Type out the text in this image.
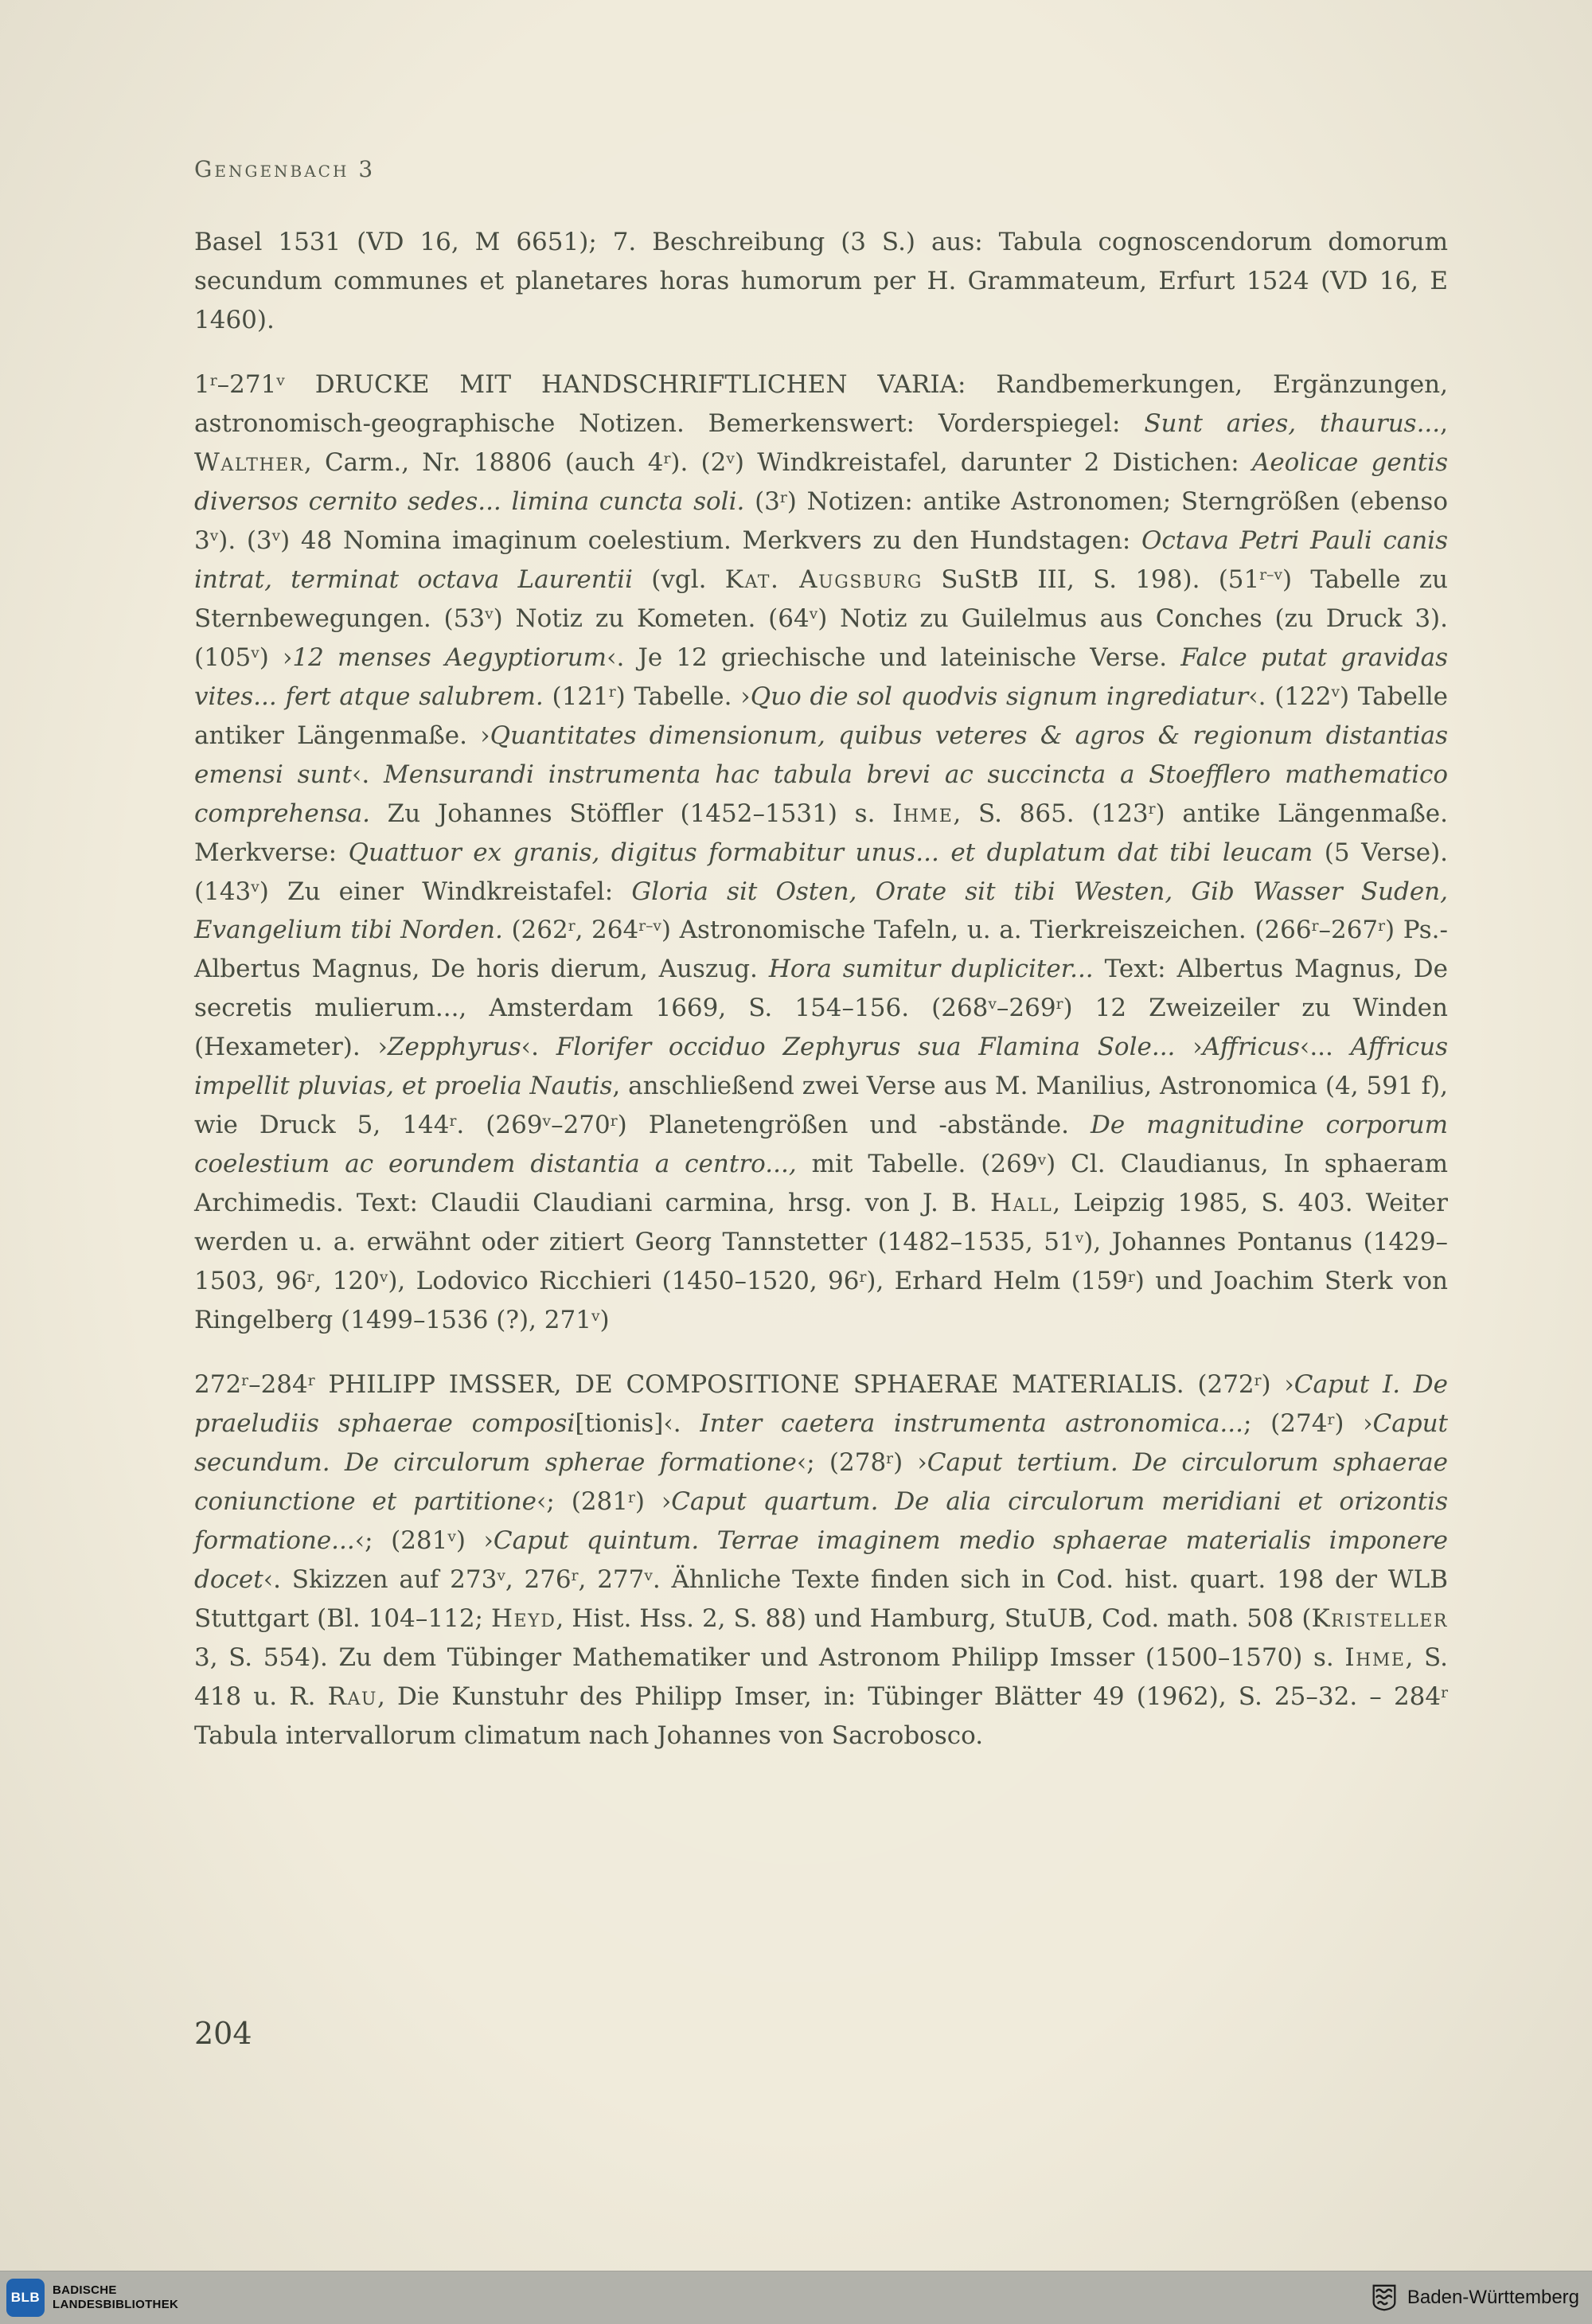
Gengenbach 3

Basel 1531 (VD 16, M 6651); 7. Beschreibung (3 S.) aus: Tabula cognoscendorum domorum secundum communes et planetares horas humorum per H. Grammateum, Erfurt 1524 (VD 16, E 1460).

1$^r$–271$^v$ DRUCKE MIT HANDSCHRIFTLICHEN VARIA: Randbemerkungen, Ergänzungen, astronomisch-geographische Notizen. Bemerkenswert: Vorderspiegel: Sunt aries, thaurus..., Walther, Carm., Nr. 18806 (auch 4$^r$). (2$^v$) Windkreistafel, darunter 2 Distichen: Aeolicae gentis diversos cernito sedes... limina cuncta soli. (3$^r$) Notizen: antike Astronomen; Sterngrößen (ebenso 3$^v$). (3$^v$) 48 Nomina imaginum coelestium. Merkvers zu den Hundstagen: Octava Petri Pauli canis intrat, terminat octava Laurentii (vgl. Kat. Augsburg SuStB III, S. 198). (51$^{r-v}$) Tabelle zu Sternbewegungen. (53$^v$) Notiz zu Kometen. (64$^v$) Notiz zu Guilelmus aus Conches (zu Druck 3). (105$^v$) ›12 menses Aegyptiorum‹. Je 12 griechische und lateinische Verse. Falce putat gravidas vites... fert atque salubrem. (121$^r$) Tabelle. ›Quo die sol quodvis signum ingrediatur‹. (122$^v$) Tabelle antiker Längenmaße. ›Quantitates dimensionum, quibus veteres & agros & regionum distantias emensi sunt‹. Mensurandi instrumenta hac tabula brevi ac succincta a Stoefflero mathematico comprehensa. Zu Johannes Stöffler (1452–1531) s. Ihme, S. 865. (123$^r$) antike Längenmaße. Merkverse: Quattuor ex granis, digitus formabitur unus... et duplatum dat tibi leucam (5 Verse). (143$^v$) Zu einer Windkreistafel: Gloria sit Osten, Orate sit tibi Westen, Gib Wasser Suden, Evangelium tibi Norden. (262$^r$, 264$^{r-v}$) Astronomische Tafeln, u. a. Tierkreiszeichen. (266$^r$–267$^r$) Ps.-Albertus Magnus, De horis dierum, Auszug. Hora sumitur dupliciter... Text: Albertus Magnus, De secretis mulierum..., Amsterdam 1669, S. 154–156. (268$^v$–269$^r$) 12 Zweizeiler zu Winden (Hexameter). ›Zepphyrus‹. Florifer occiduo Zephyrus sua Flamina Sole... ›Affricus‹... Affricus impellit pluvias, et proelia Nautis, anschließend zwei Verse aus M. Manilius, Astronomica (4, 591 f), wie Druck 5, 144$^r$. (269$^v$–270$^r$) Planetengrößen und -abstände. De magnitudine corporum coelestium ac eorundem distantia a centro..., mit Tabelle. (269$^v$) Cl. Claudianus, In sphaeram Archimedis. Text: Claudii Claudiani carmina, hrsg. von J. B. Hall, Leipzig 1985, S. 403. Weiter werden u. a. erwähnt oder zitiert Georg Tannstetter (1482–1535, 51$^v$), Johannes Pontanus (1429–1503, 96$^r$, 120$^v$), Lodovico Ricchieri (1450–1520, 96$^r$), Erhard Helm (159$^r$) und Joachim Sterk von Ringelberg (1499–1536 (?), 271$^v$)

272$^r$–284$^r$ PHILIPP IMSSER, DE COMPOSITIONE SPHAERAE MATERIALIS. (272$^r$) ›Caput I. De praeludiis sphaerae composi[tionis]‹. Inter caetera instrumenta astronomica...; (274$^r$) ›Caput secundum. De circulorum spherae formatione‹; (278$^r$) ›Caput tertium. De circulorum sphaerae coniunctione et partitione‹; (281$^r$) ›Caput quartum. De alia circulorum meridiani et orizontis formatione...‹; (281$^v$) ›Caput quintum. Terrae imaginem medio sphaerae materialis imponere docet‹. Skizzen auf 273$^v$, 276$^r$, 277$^v$. Ähnliche Texte finden sich in Cod. hist. quart. 198 der WLB Stuttgart (Bl. 104–112; Heyd, Hist. Hss. 2, S. 88) und Hamburg, StuUB, Cod. math. 508 (Kristeller 3, S. 554). Zu dem Tübinger Mathematiker und Astronom Philipp Imsser (1500–1570) s. Ihme, S. 418 u. R. Rau, Die Kunstuhr des Philipp Imser, in: Tübinger Blätter 49 (1962), S. 25–32. – 284$^r$ Tabula intervallorum climatum nach Johannes von Sacrobosco.

204
BLB BADISCHE
LANDESBIBLIOTHEK	Baden-Württemberg
